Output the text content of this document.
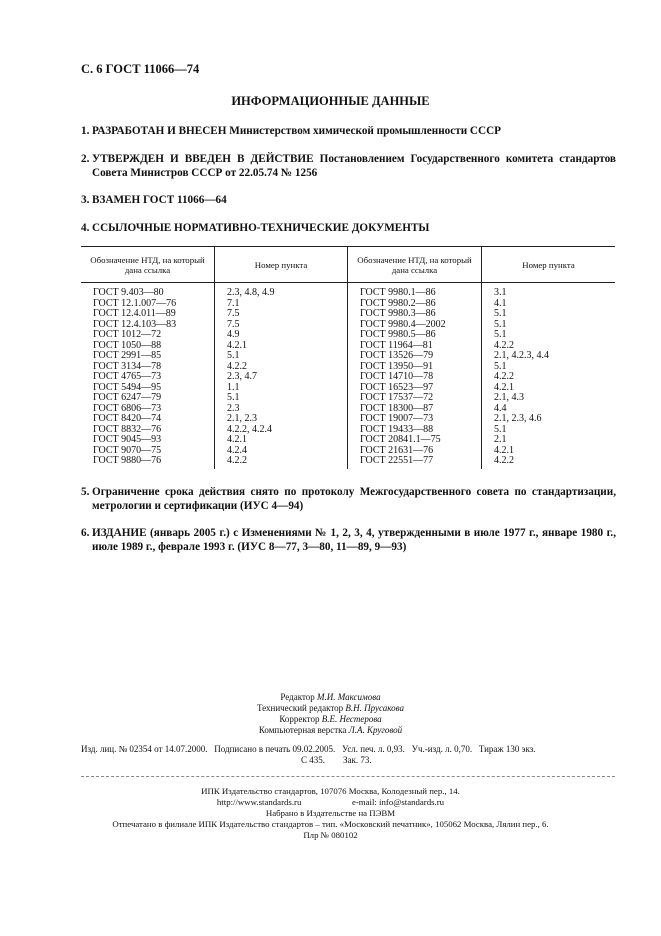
С. 6 ГОСТ 11066—74
ИНФОРМАЦИОННЫЕ ДАННЫЕ
1. РАЗРАБОТАН И ВНЕСЕН Министерством химической промышленности СССР
2. УТВЕРЖДЕН И ВВЕДЕН В ДЕЙСТВИЕ Постановлением Государственного комитета стандартов Совета Министров СССР от 22.05.74 № 1256
3. ВЗАМЕН ГОСТ 11066—64
4. ССЫЛОЧНЫЕ НОРМАТИВНО-ТЕХНИЧЕСКИЕ ДОКУМЕНТЫ
Обозначение НТД, на который дана ссылка	Номер пункта	Обозначение НТД, на который дана ссылка	Номер пункта
ГОСТ 9.403—80	2.3, 4.8, 4.9	ГОСТ 9980.1—86	3.1
ГОСТ 12.1.007—76	7.1	ГОСТ 9980.2—86	4.1
ГОСТ 12.4.011—89	7.5	ГОСТ 9980.3—86	5.1
ГОСТ 12.4.103—83	7.5	ГОСТ 9980.4—2002	5.1
ГОСТ 1012—72	4.9	ГОСТ 9980.5—86	5.1
ГОСТ 1050—88	4.2.1	ГОСТ 11964—81	4.2.2
ГОСТ 2991—85	5.1	ГОСТ 13526—79	2.1, 4.2.3, 4.4
ГОСТ 3134—78	4.2.2	ГОСТ 13950—91	5.1
ГОСТ 4765—73	2.3, 4.7	ГОСТ 14710—78	4.2.2
ГОСТ 5494—95	1.1	ГОСТ 16523—97	4.2.1
ГОСТ 6247—79	5.1	ГОСТ 17537—72	2.1, 4.3
ГОСТ 6806—73	2.3	ГОСТ 18300—87	4.4
ГОСТ 8420—74	2.1, 2.3	ГОСТ 19007—73	2.1, 2.3, 4.6
ГОСТ 8832—76	4.2.2, 4.2.4	ГОСТ 19433—88	5.1
ГОСТ 9045—93	4.2.1	ГОСТ 20841.1—75	2.1
ГОСТ 9070—75	4.2.4	ГОСТ 21631—76	4.2.1
ГОСТ 9880—76	4.2.2	ГОСТ 22551—77	4.2.2
5. Ограничение срока действия снято по протоколу Межгосударственного совета по стандартизации, метрологии и сертификации (ИУС 4—94)
6. ИЗДАНИЕ (январь 2005 г.) с Изменениями № 1, 2, 3, 4, утвержденными в июле 1977 г., январе 1980 г., июле 1989 г., феврале 1993 г. (ИУС 8—77, 3—80, 11—89, 9—93)
Редактор М.И. Максимова
Технический редактор В.Н. Прусакова
Корректор В.Е. Нестерова
Компьютерная верстка Л.А. Круговой
Изд. лиц. № 02354 от 14.07.2000.   Подписано в печать 09.02.2005.   Усл. печ. л. 0,93.   Уч.-изд. л. 0,70.   Тираж 130 экз.
С 435.        Зак. 73.
ИПК Издательство стандартов, 107076 Москва, Колодезный пер., 14.
http://www.standards.ru                       e-mail: info@standards.ru
Набрано в Издательстве на ПЭВМ
Отпечатано в филиале ИПК Издательство стандартов – тип. «Московский печатник», 105062 Москва, Лялин пер., 6.
Плр № 080102
